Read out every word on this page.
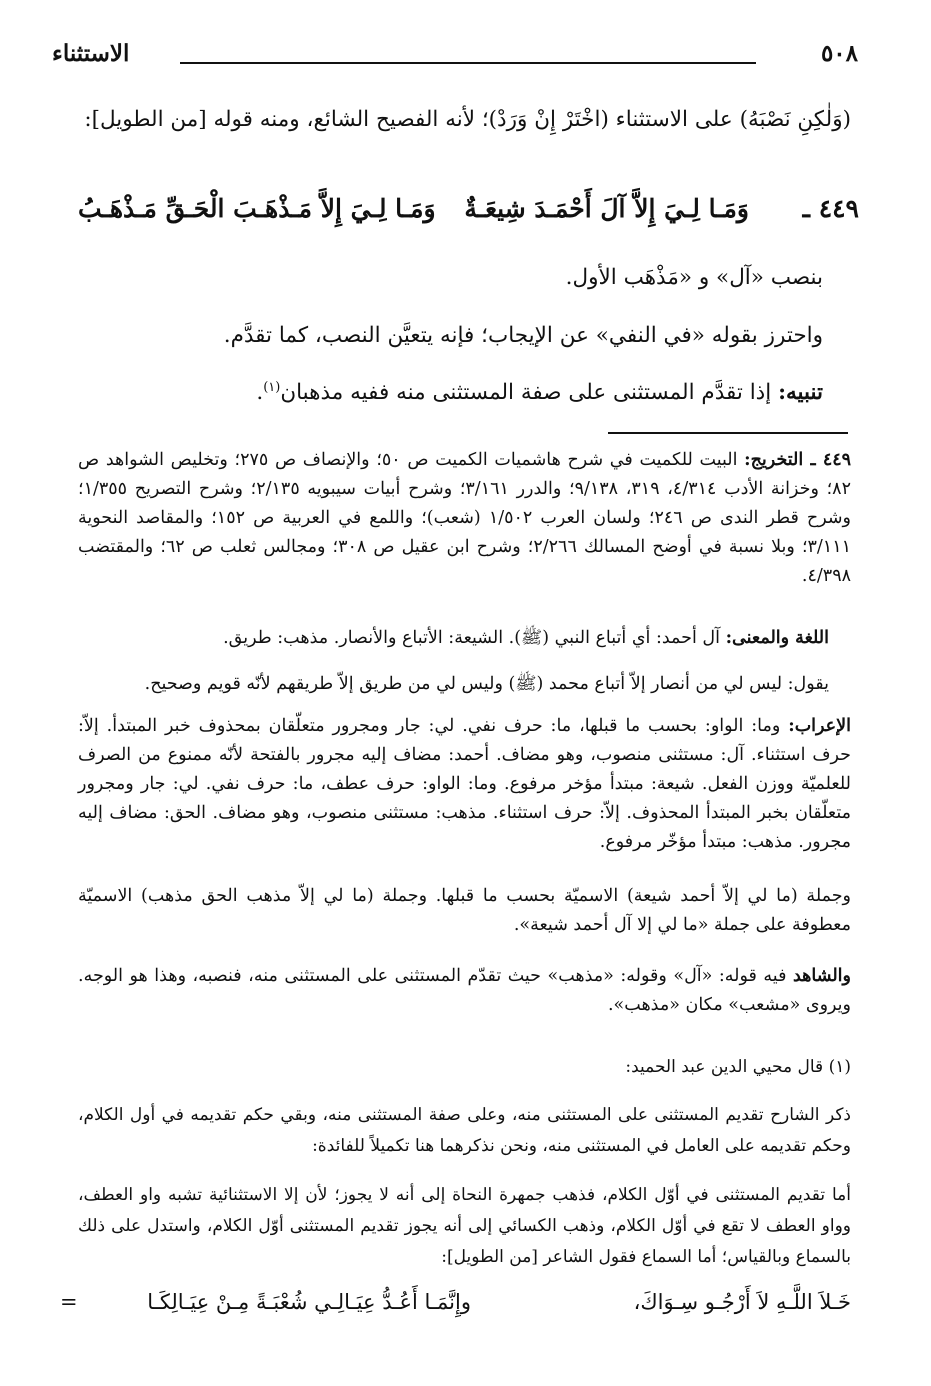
٥٠٨
الاستثناء
(وَلٰكِنِ نَصْبَهُ) على الاستثناء (اخْتَرْ إِنْ وَرَدْ)؛ لأنه الفصيح الشائع، ومنه قوله [من الطويل]:
٤٤٩ ـ
وَمَـا لِـيَ إِلاَّ آلَ أَحْمَـدَ شِيعَـةٌ
وَمَـا لِـيَ إِلاَّ مَـذْهَـبَ الْحَـقِّ مَـذْهَـبُ
بنصب «آل» و «مَذْهَب الأول.
واحترز بقوله «في النفي» عن الإيجاب؛ فإنه يتعيَّن النصب، كما تقدَّم.
تنبيه: إذا تقدَّم المستثنى على صفة المستثنى منه ففيه مذهبان$^{(١)}$.
٤٤٩ ـ التخريج: البيت للكميت في شرح هاشميات الكميت ص ٥٠؛ والإنصاف ص ٢٧٥؛ وتخليص الشواهد ص ٨٢؛ وخزانة الأدب ٤/٣١٤، ٣١٩، ٩/١٣٨؛ والدرر ٣/١٦١؛ وشرح أبيات سيبويه ٢/١٣٥؛ وشرح التصريح ١/٣٥٥؛ وشرح قطر الندى ص ٢٤٦؛ ولسان العرب ١/٥٠٢ (شعب)؛ واللمع في العربية ص ١٥٢؛ والمقاصد النحوية ٣/١١١؛ وبلا نسبة في أوضح المسالك ٢/٢٦٦؛ وشرح ابن عقيل ص ٣٠٨؛ ومجالس ثعلب ص ٦٢؛ والمقتضب ٤/٣٩٨.
اللغة والمعنى: آل أحمد: أي أتباع النبي (ﷺ). الشيعة: الأتباع والأنصار. مذهب: طريق.
يقول: ليس لي من أنصار إلاّ أتباع محمد (ﷺ) وليس لي من طريق إلاّ طريقهم لأنّه قويم وصحيح.
الإعراب: وما: الواو: بحسب ما قبلها، ما: حرف نفي. لي: جار ومجرور متعلّقان بمحذوف خبر المبتدأ. إلاّ: حرف استثناء. آل: مستثنى منصوب، وهو مضاف. أحمد: مضاف إليه مجرور بالفتحة لأنّه ممنوع من الصرف للعلميّة ووزن الفعل. شيعة: مبتدأ مؤخر مرفوع. وما: الواو: حرف عطف، ما: حرف نفي. لي: جار ومجرور متعلّقان بخبر المبتدأ المحذوف. إلاّ: حرف استثناء. مذهب: مستثنى منصوب، وهو مضاف. الحق: مضاف إليه مجرور. مذهب: مبتدأ مؤخّر مرفوع.
وجملة (ما لي إلاّ أحمد شيعة) الاسميّة بحسب ما قبلها. وجملة (ما لي إلاّ مذهب الحق مذهب) الاسميّة معطوفة على جملة «ما لي إلا آل أحمد شيعة».
والشاهد فيه قوله: «آل» وقوله: «مذهب» حيث تقدّم المستثنى على المستثنى منه، فنصبه، وهذا هو الوجه. ويروى «مشعب» مكان «مذهب».
(١) قال محيي الدين عبد الحميد:
ذكر الشارح تقديم المستثنى على المستثنى منه، وعلى صفة المستثنى منه، وبقي حكم تقديمه في أول الكلام، وحكم تقديمه على العامل في المستثنى منه، ونحن نذكرهما هنا تكميلاً للفائدة:
أما تقديم المستثنى في أوّل الكلام، فذهب جمهرة النحاة إلى أنه لا يجوز؛ لأن إلا الاستثنائية تشبه واو العطف، وواو العطف لا تقع في أوّل الكلام، وذهب الكسائي إلى أنه يجوز تقديم المستثنى أوّل الكلام، واستدل على ذلك بالسماع وبالقياس؛ أما السماع فقول الشاعر [من الطويل]:
خَـلاَ اللَّـهِ لاَ أَرْجُـو سِـوَاكَ،
وإِنَّمَـا أَعُـدُّ عِيَـالِـي شُعْبَـةً مِـنْ عِيَـالِكَـا
=
